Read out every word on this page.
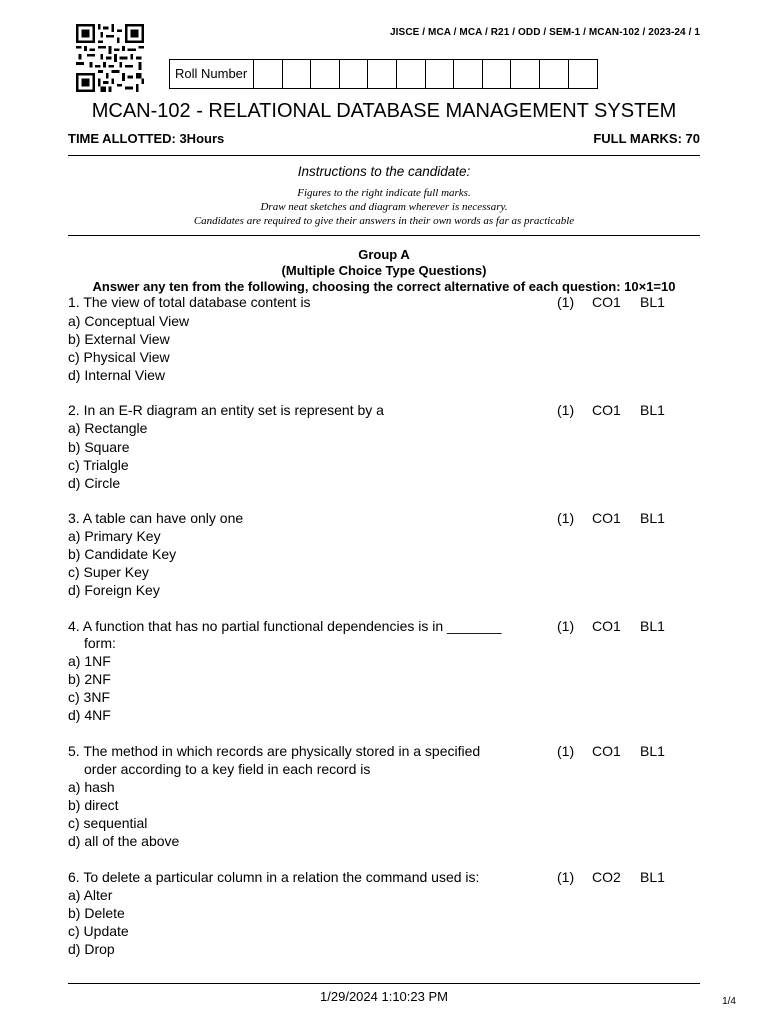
JISCE / MCA / MCA / R21 / ODD / SEM-1 / MCAN-102 / 2023-24 / 1
Roll Number
MCAN-102 - RELATIONAL DATABASE MANAGEMENT SYSTEM
TIME ALLOTTED: 3Hours	FULL MARKS: 70
Instructions to the candidate:
Figures to the right indicate full marks.
Draw neat sketches and diagram wherever is necessary.
Candidates are required to give their answers in their own words as far as practicable
Group A
(Multiple Choice Type Questions)
Answer any ten from the following, choosing the correct alternative of each question: 10×1=10
1. The view of total database content is	(1) CO1 BL1
a) Conceptual View
b) External View
c) Physical View
d) Internal View
2. In an E-R diagram an entity set is represent by a	(1) CO1 BL1
a) Rectangle
b) Square
c) Trialgle
d) Circle
3. A table can have only one	(1) CO1 BL1
a) Primary Key
b) Candidate Key
c) Super Key
d) Foreign Key
4. A function that has no partial functional dependencies is in _______
form:
(1) CO1 BL1
a) 1NF
b) 2NF
c) 3NF
d) 4NF
5. The method in which records are physically stored in a specified
order according to a key field in each record is
(1) CO1 BL1
a) hash
b) direct
c) sequential
d) all of the above
6. To delete a particular column in a relation the command used is:	(1) CO2 BL1
a) Alter
b) Delete
c) Update
d) Drop
1/29/2024 1:10:23 PM	1/4
